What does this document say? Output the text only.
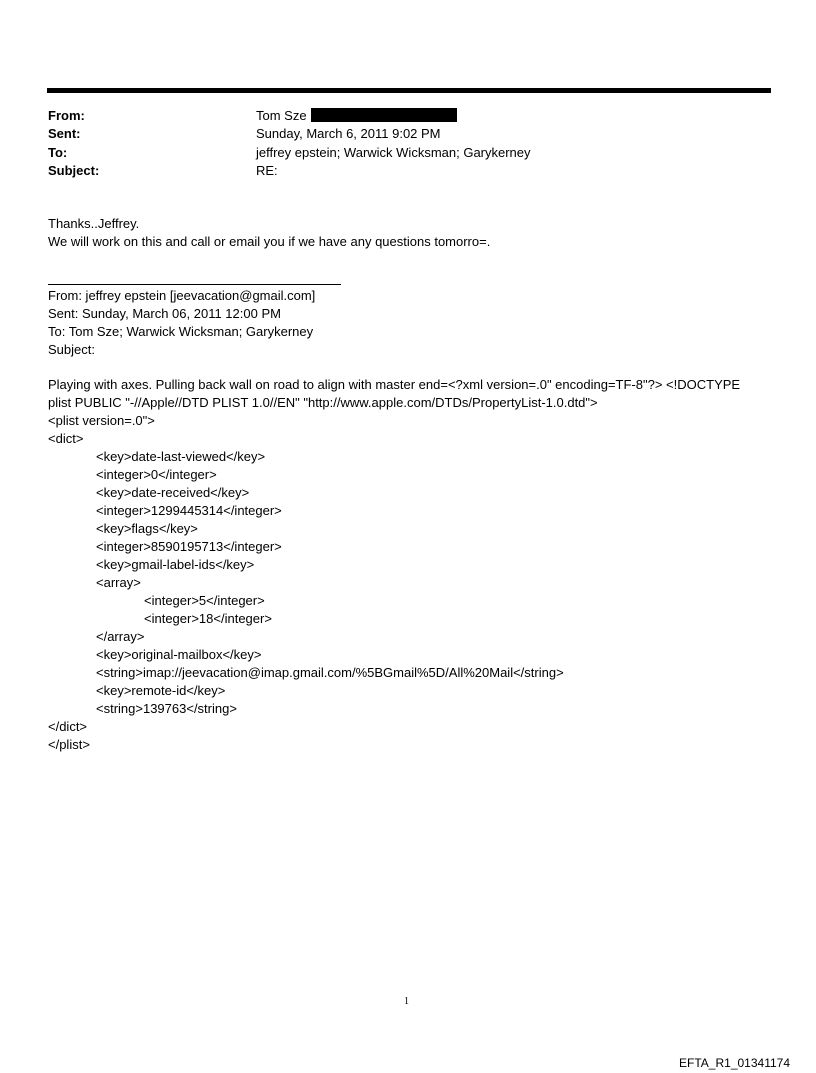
From:	Tom Sze
Sent:	Sunday, March 6, 2011 9:02 PM
To:	jeffrey epstein; Warwick Wicksman; Garykerney
Subject:	RE:
Thanks..Jeffrey.
We will work on this and call or email you if we have any questions tomorro=.
From: jeffrey epstein [jeevacation@gmail.com]
Sent: Sunday, March 06, 2011 12:00 PM
To: Tom Sze; Warwick Wicksman; Garykerney
Subject:
Playing with axes. Pulling back wall on road to align with master end=<?xml version=.0" encoding=TF-8"?> <!DOCTYPE
plist PUBLIC "-//Apple//DTD PLIST 1.0//EN" "http://www.apple.com/DTDs/PropertyList-1.0.dtd">
<plist version=.0">
<dict>
<key>date-last-viewed</key>
<integer>0</integer>
<key>date-received</key>
<integer>1299445314</integer>
<key>flags</key>
<integer>8590195713</integer>
<key>gmail-label-ids</key>
<array>
<integer>5</integer>
<integer>18</integer>
</array>
<key>original-mailbox</key>
<string>imap://jeevacation@imap.gmail.com/%5BGmail%5D/All%20Mail</string>
<key>remote-id</key>
<string>139763</string>
</dict>
</plist>
1
EFTA_R1_01341174
